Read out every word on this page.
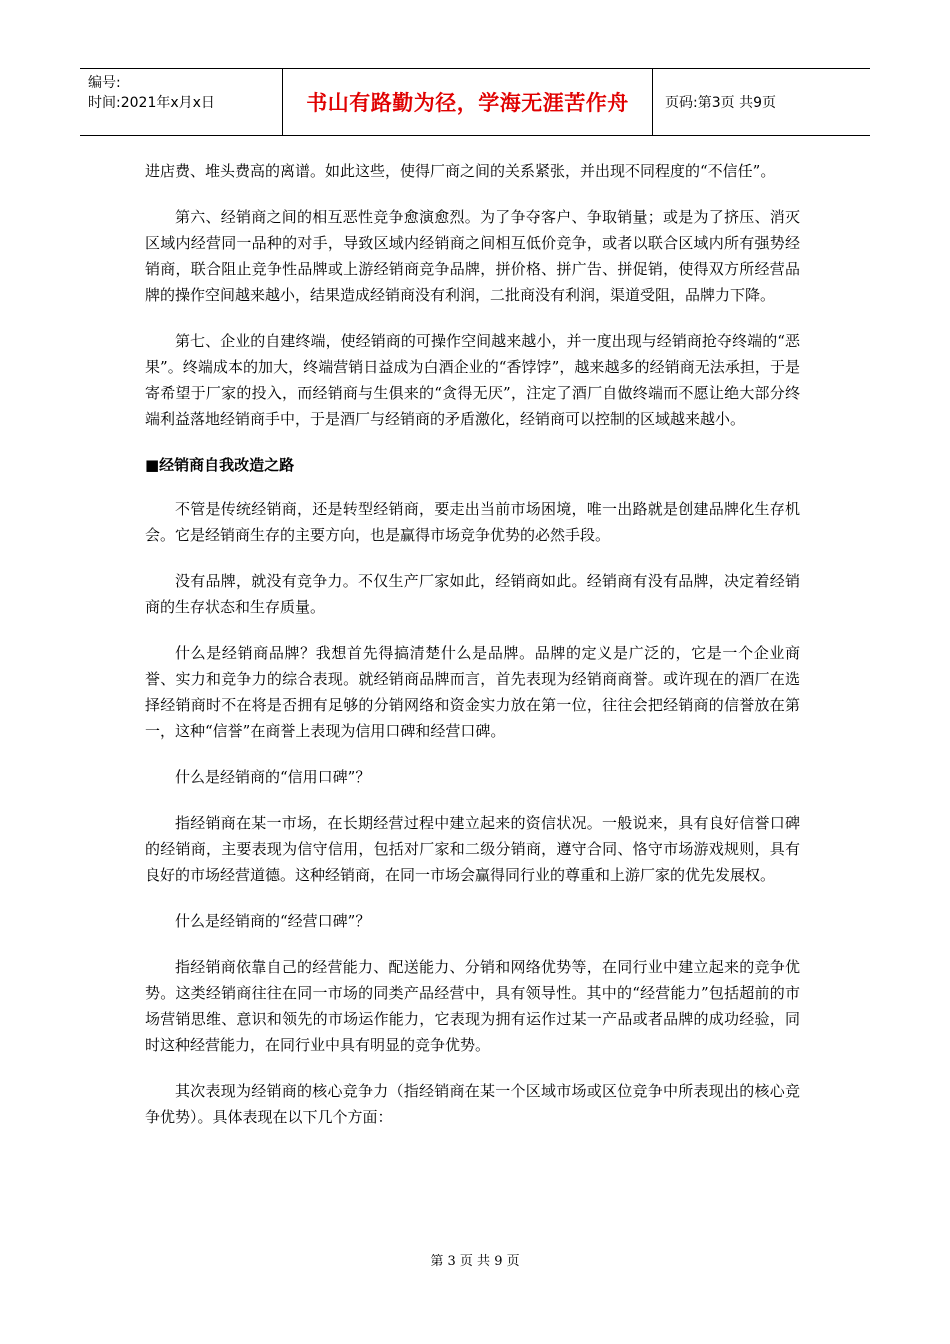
编号:
时间:2021年x月x日	书山有路勤为径，学海无涯苦作舟	页码:第3页 共9页

进店费、堆头费高的离谱。如此这些，使得厂商之间的关系紧张，并出现不同程度的“不信任”。

第六、经销商之间的相互恶性竞争愈演愈烈。为了争夺客户、争取销量；或是为了挤压、消灭区域内经营同一品种的对手，导致区域内经销商之间相互低价竞争，或者以联合区域内所有强势经销商，联合阻止竞争性品牌或上游经销商竞争品牌，拼价格、拼广告、拼促销，使得双方所经营品牌的操作空间越来越小，结果造成经销商没有利润，二批商没有利润，渠道受阻，品牌力下降。

第七、企业的自建终端，使经销商的可操作空间越来越小，并一度出现与经销商抢夺终端的“恶果”。终端成本的加大，终端营销日益成为白酒企业的“香饽饽”，越来越多的经销商无法承担，于是寄希望于厂家的投入，而经销商与生俱来的“贪得无厌”，注定了酒厂自做终端而不愿让绝大部分终端利益落地经销商手中，于是酒厂与经销商的矛盾激化，经销商可以控制的区域越来越小。

■经销商自我改造之路

不管是传统经销商，还是转型经销商，要走出当前市场困境，唯一出路就是创建品牌化生存机会。它是经销商生存的主要方向，也是赢得市场竞争优势的必然手段。

没有品牌，就没有竞争力。不仅生产厂家如此，经销商如此。经销商有没有品牌，决定着经销商的生存状态和生存质量。

什么是经销商品牌？我想首先得搞清楚什么是品牌。品牌的定义是广泛的，它是一个企业商誉、实力和竞争力的综合表现。就经销商品牌而言，首先表现为经销商商誉。或许现在的酒厂在选择经销商时不在将是否拥有足够的分销网络和资金实力放在第一位，往往会把经销商的信誉放在第一，这种“信誉”在商誉上表现为信用口碑和经营口碑。

什么是经销商的“信用口碑”？

指经销商在某一市场，在长期经营过程中建立起来的资信状况。一般说来，具有良好信誉口碑的经销商，主要表现为信守信用，包括对厂家和二级分销商，遵守合同、恪守市场游戏规则，具有良好的市场经营道德。这种经销商，在同一市场会赢得同行业的尊重和上游厂家的优先发展权。

什么是经销商的“经营口碑”？

指经销商依靠自己的经营能力、配送能力、分销和网络优势等，在同行业中建立起来的竞争优势。这类经销商往往在同一市场的同类产品经营中，具有领导性。其中的“经营能力”包括超前的市场营销思维、意识和领先的市场运作能力，它表现为拥有运作过某一产品或者品牌的成功经验，同时这种经营能力，在同行业中具有明显的竞争优势。

其次表现为经销商的核心竞争力（指经销商在某一个区域市场或区位竞争中所表现出的核心竞争优势）。具体表现在以下几个方面：

第 3 页 共 9 页
